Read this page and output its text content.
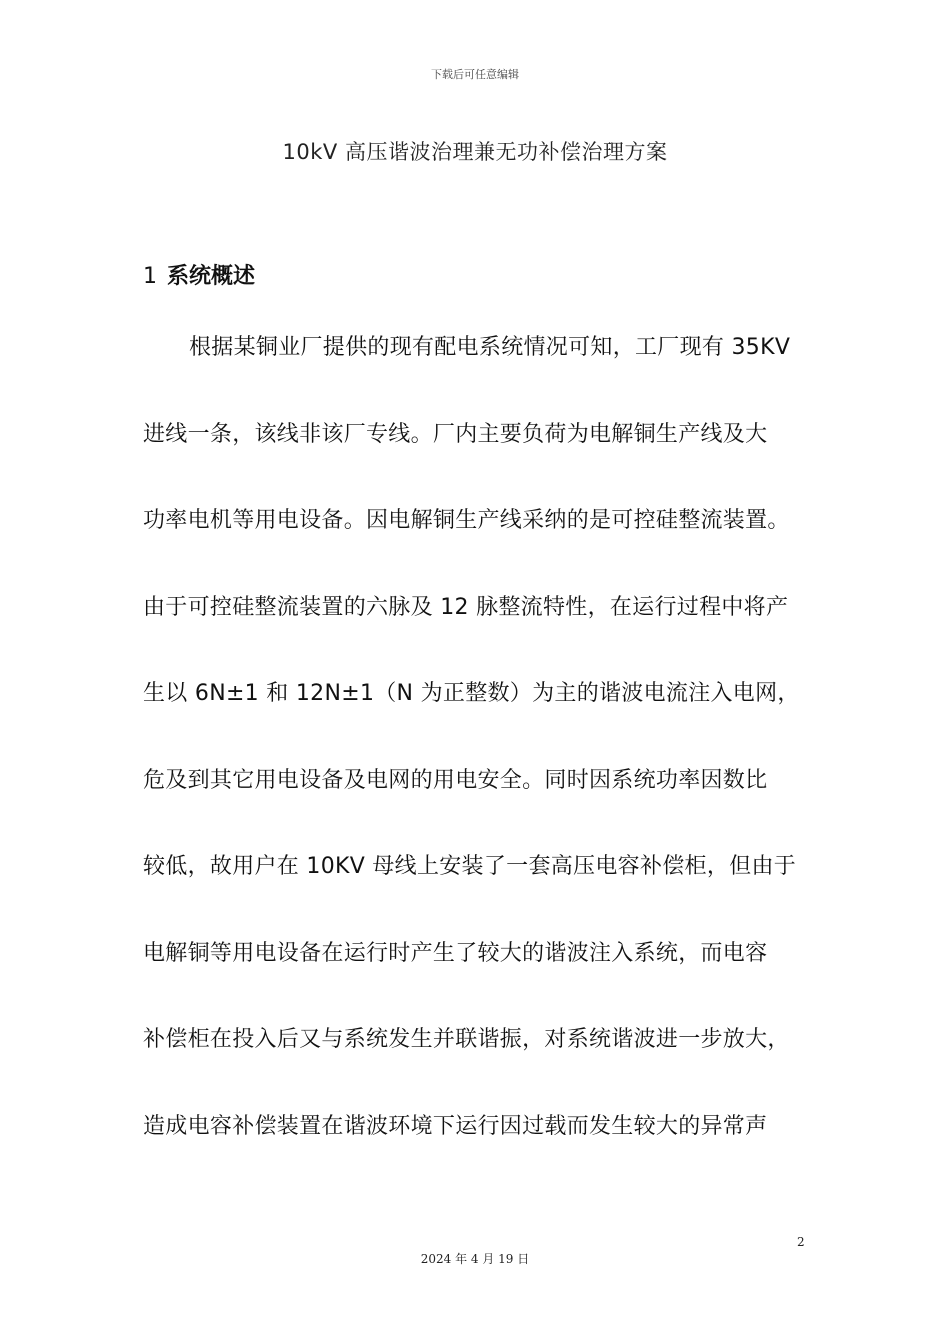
下载后可任意编辑
10kV 高压谐波治理兼无功补偿治理方案
1 系统概述
根据某铜业厂提供的现有配电系统情况可知，工厂现有 35KV
进线一条，该线非该厂专线。厂内主要负荷为电解铜生产线及大
功率电机等用电设备。因电解铜生产线采纳的是可控硅整流装置。
由于可控硅整流装置的六脉及 12 脉整流特性，在运行过程中将产
生以 6N±1 和 12N±1（N 为正整数）为主的谐波电流注入电网，
危及到其它用电设备及电网的用电安全。同时因系统功率因数比
较低，故用户在 10KV 母线上安装了一套高压电容补偿柜，但由于
电解铜等用电设备在运行时产生了较大的谐波注入系统，而电容
补偿柜在投入后又与系统发生并联谐振，对系统谐波进一步放大，
造成电容补偿装置在谐波环境下运行因过载而发生较大的异常声
2
2024 年 4 月 19 日
